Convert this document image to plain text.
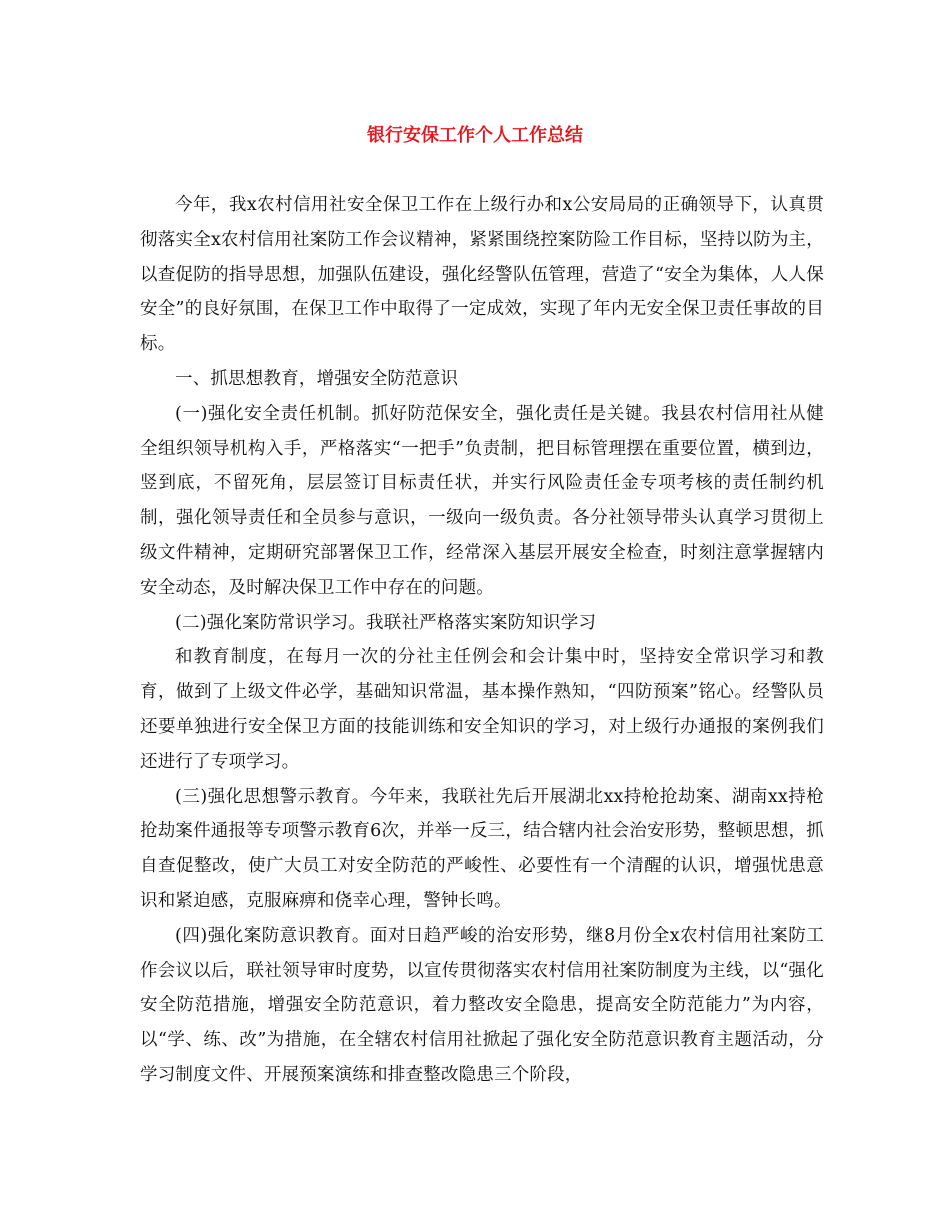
银行安保工作个人工作总结

今年，我x农村信用社安全保卫工作在上级行办和x公安局局的正确领导下，认真贯彻落实全x农村信用社案防工作会议精神，紧紧围绕控案防险工作目标，坚持以防为主，以查促防的指导思想，加强队伍建设，强化经警队伍管理，营造了“安全为集体，人人保安全”的良好氛围，在保卫工作中取得了一定成效，实现了年内无安全保卫责任事故的目标。

一、抓思想教育，增强安全防范意识

(一)强化安全责任机制。抓好防范保安全，强化责任是关键。我县农村信用社从健全组织领导机构入手，严格落实“一把手”负责制，把目标管理摆在重要位置，横到边，竖到底，不留死角，层层签订目标责任状，并实行风险责任金专项考核的责任制约机制，强化领导责任和全员参与意识，一级向一级负责。各分社领导带头认真学习贯彻上级文件精神，定期研究部署保卫工作，经常深入基层开展安全检查，时刻注意掌握辖内安全动态，及时解决保卫工作中存在的问题。

(二)强化案防常识学习。我联社严格落实案防知识学习

和教育制度，在每月一次的分社主任例会和会计集中时，坚持安全常识学习和教育，做到了上级文件必学，基础知识常温，基本操作熟知，“四防预案”铭心。经警队员还要单独进行安全保卫方面的技能训练和安全知识的学习，对上级行办通报的案例我们还进行了专项学习。

(三)强化思想警示教育。今年来，我联社先后开展湖北xx持枪抢劫案、湖南xx持枪抢劫案件通报等专项警示教育6次，并举一反三，结合辖内社会治安形势，整顿思想，抓自查促整改，使广大员工对安全防范的严峻性、必要性有一个清醒的认识，增强忧患意识和紧迫感，克服麻痹和侥幸心理，警钟长鸣。

(四)强化案防意识教育。面对日趋严峻的治安形势，继8月份全x农村信用社案防工作会议以后，联社领导审时度势，以宣传贯彻落实农村信用社案防制度为主线，以“强化安全防范措施，增强安全防范意识，着力整改安全隐患，提高安全防范能力”为内容，以“学、练、改”为措施，在全辖农村信用社掀起了强化安全防范意识教育主题活动，分学习制度文件、开展预案演练和排查整改隐患三个阶段，
